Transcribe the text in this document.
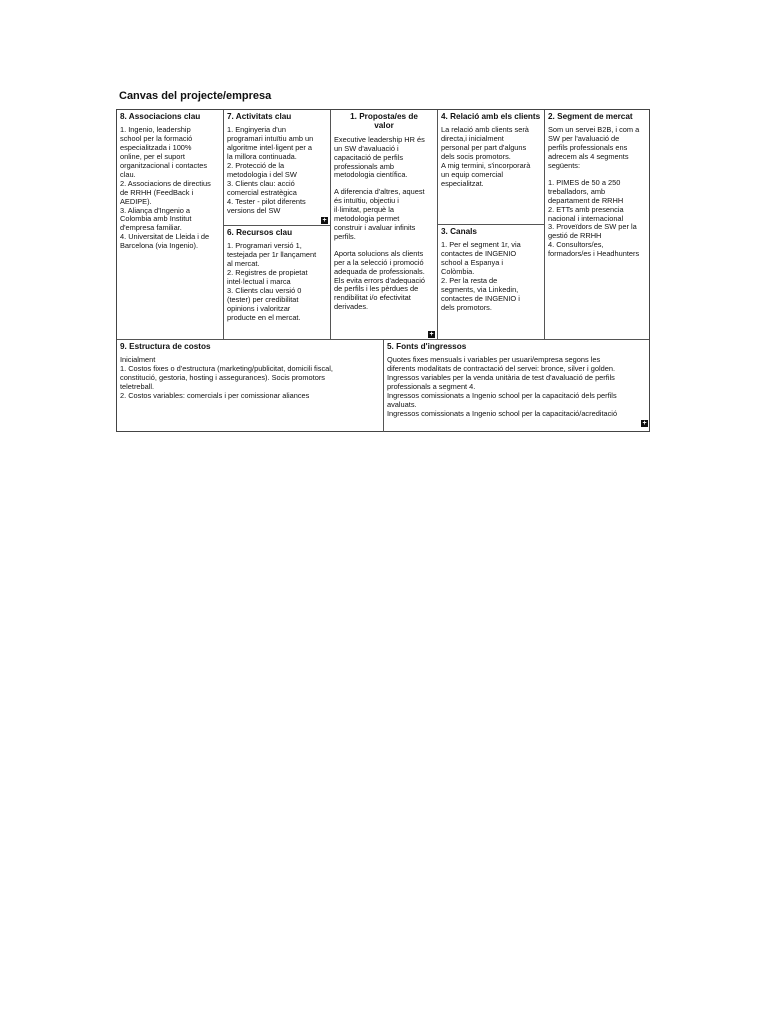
Canvas del projecte/empresa
8. Associacions clau
1. Ingenio, leadership
school per la formació
especialitzada i 100%
online, per el suport
organitzacional i contactes
clau.
2. Associacions de directius
de RRHH (FeedBack i
AEDIPE).
3. Aliança d'Ingenio a
Colombia amb Institut
d'empresa familiar.
4. Universitat de Lleida i de
Barcelona (via Ingenio).
7. Activitats clau
1. Enginyeria d'un
programari intuïtiu amb un
algoritme intel·ligent per a
la millora continuada.
2. Protecció de la
metodologia i del SW
3. Clients clau: acció
comercial estratègica
4. Tester - pilot diferents
versions del SW
+
6. Recursos clau
1. Programari versió 1,
testejada per 1r llançament
al mercat.
2. Registres de propietat
intel·lectual i marca
3. Clients clau versió 0
(tester) per credibilitat
opinions i valoritzar
producte en el mercat.
1. Proposta/es de valor
Executive leadership HR és
un SW d'avaluació i
capacitació de perfils
professionals amb
metodologia científica.
A diferencia d'altres, aquest
és intuïtiu, objectiu i
il·limitat, perquè la
metodologia permet
construir i avaluar infinits
perfils.
Aporta solucions als clients
per a la selecció i promoció
adequada de professionals.
Els evita errors d'adequació
de perfils i les pèrdues de
rendibilitat i/o efectivitat
derivades.
+
4. Relació amb els clients
La relació amb clients serà
directa,i inicialment
personal per part d'alguns
dels socis promotors.
A mig termini, s'incorporarà
un equip comercial
especialitzat.
3. Canals
1. Per el segment 1r, via
contactes de INGENIO
school a Espanya i
Colòmbia.
2. Per la resta de
segments, via Linkedin,
contactes de INGENIO i
dels promotors.
2. Segment de mercat
Som un servei B2B, i com a
SW per l'avaluació de
perfils professionals ens
adrecem als 4 segments
següents:
1. PIMES de 50 a 250
treballadors, amb
departament de RRHH
2. ETTs amb presencia
nacional i internacional
3. Proveïdors de SW per la
gestió de RRHH
4. Consultors/es,
formadors/es i Headhunters
9. Estructura de costos
Inicialment
1. Costos fixes o d'estructura (marketing/publicitat, domicili fiscal,
constitució, gestoria, hosting i assegurances). Socis promotors
teletreball.
2. Costos variables: comercials i per comissionar aliances
5. Fonts d'ingressos
Quotes fixes mensuals i variables per usuari/empresa segons les
diferents modalitats de contractació del servei: bronce, silver i golden.
Ingressos variables per la venda unitària de test d'avaluació de perfils
professionals a segment 4.
Ingressos comissionats a Ingenio school per la capacitació dels perfils
avaluats.
Ingressos comissionats a Ingenio school per la capacitació/acreditació
+
